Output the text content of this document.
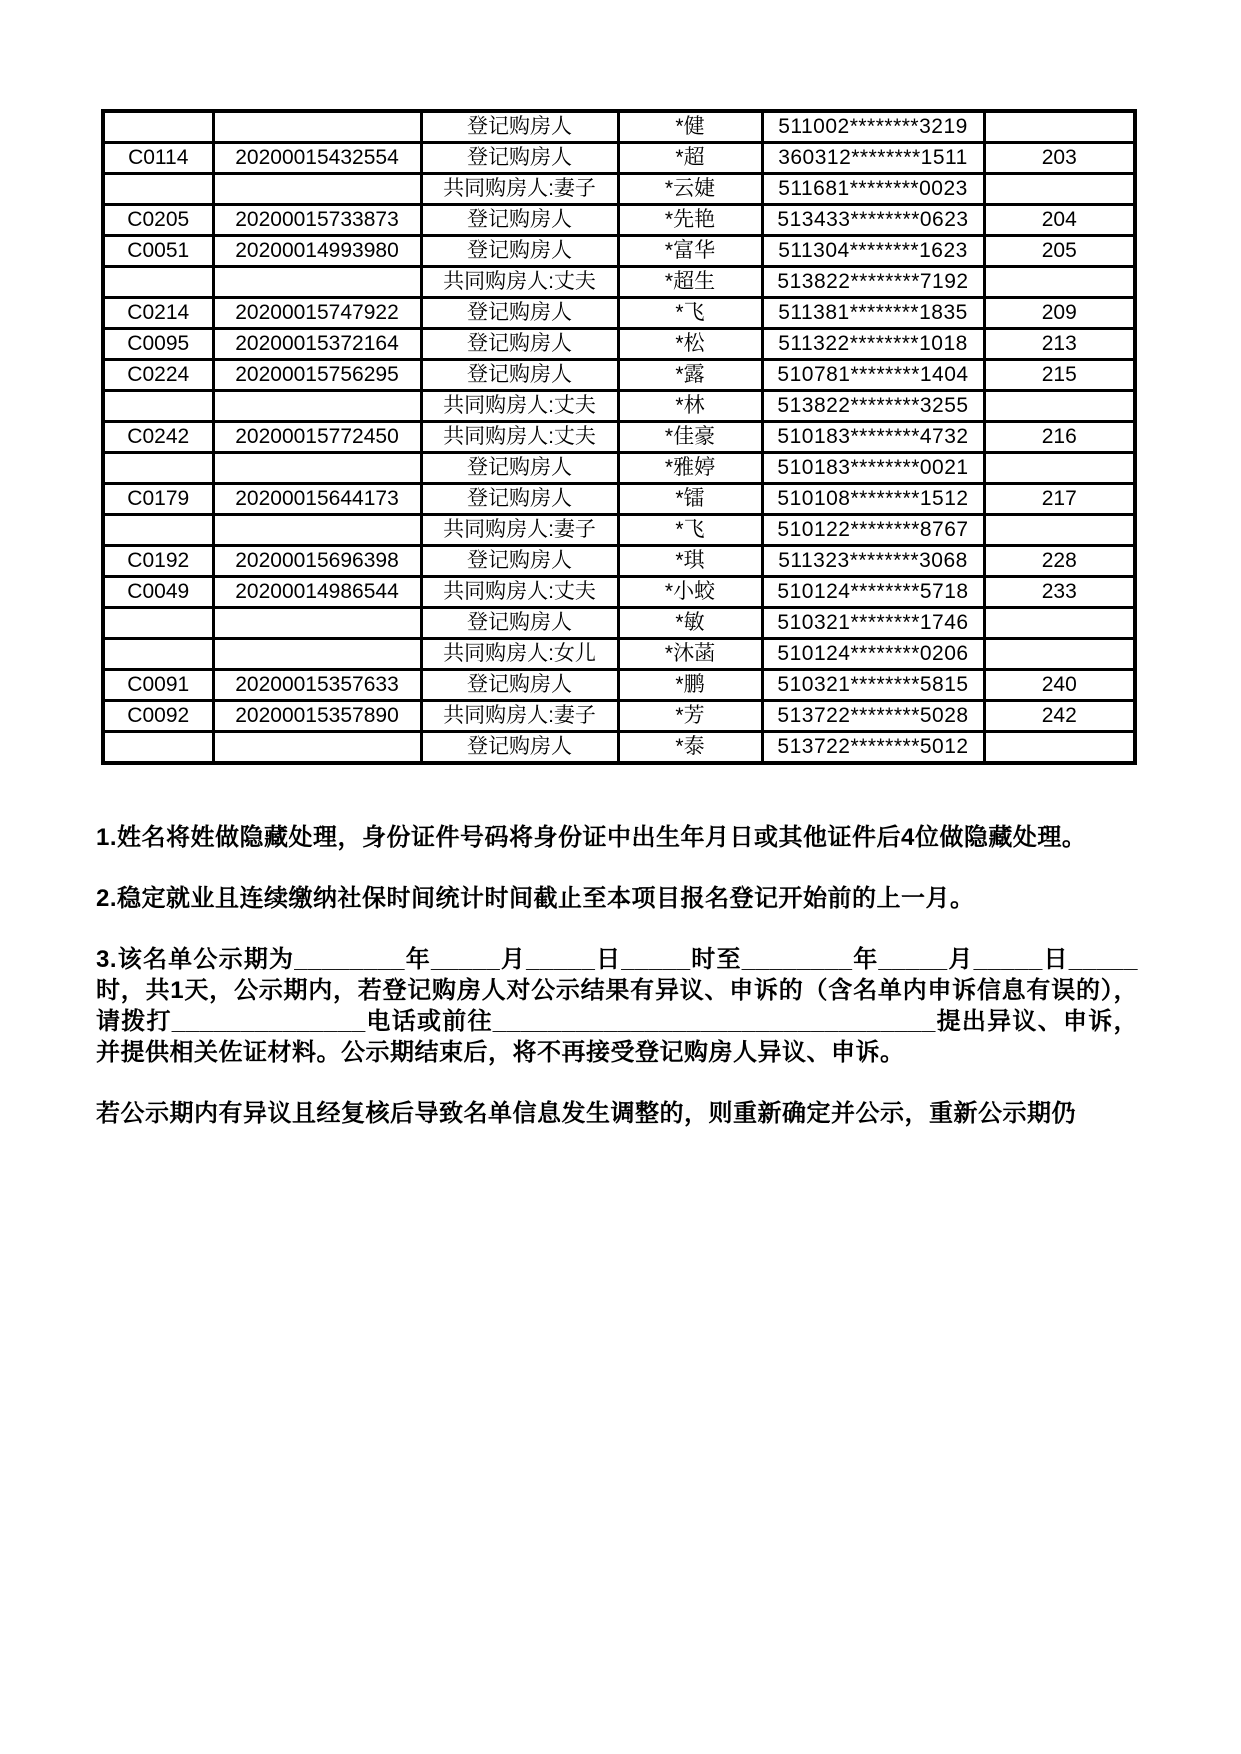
		登记购房人	*健	511002********3219	
C0114	20200015432554	登记购房人	*超	360312********1511	203
		共同购房人:妻子	*云婕	511681********0023	
C0205	20200015733873	登记购房人	*先艳	513433********0623	204
C0051	20200014993980	登记购房人	*富华	511304********1623	205
		共同购房人:丈夫	*超生	513822********7192	
C0214	20200015747922	登记购房人	*飞	511381********1835	209
C0095	20200015372164	登记购房人	*松	511322********1018	213
C0224	20200015756295	登记购房人	*露	510781********1404	215
		共同购房人:丈夫	*林	513822********3255	
C0242	20200015772450	共同购房人:丈夫	*佳豪	510183********4732	216
		登记购房人	*雅婷	510183********0021	
C0179	20200015644173	登记购房人	*镭	510108********1512	217
		共同购房人:妻子	*飞	510122********8767	
C0192	20200015696398	登记购房人	*琪	511323********3068	228
C0049	20200014986544	共同购房人:丈夫	*小蛟	510124********5718	233
		登记购房人	*敏	510321********1746	
		共同购房人:女儿	*沐菡	510124********0206	
C0091	20200015357633	登记购房人	*鹏	510321********5815	240
C0092	20200015357890	共同购房人:妻子	*芳	513722********5028	242
		登记购房人	*泰	513722********5012	

1.姓名将姓做隐藏处理，身份证件号码将身份证中出生年月日或其他证件后4位做隐藏处理。

2.稳定就业且连续缴纳社保时间统计时间截止至本项目报名登记开始前的上一月。

3.该名单公示期为________年_____月_____日_____时至________年_____月_____日_____时，共1天，公示期内，若登记购房人对公示结果有异议、申诉的（含名单内申诉信息有误的），请拨打______________电话或前往________________________________提出异议、申诉，并提供相关佐证材料。公示期结束后，将不再接受登记购房人异议、申诉。

若公示期内有异议且经复核后导致名单信息发生调整的，则重新确定并公示，重新公示期仍
